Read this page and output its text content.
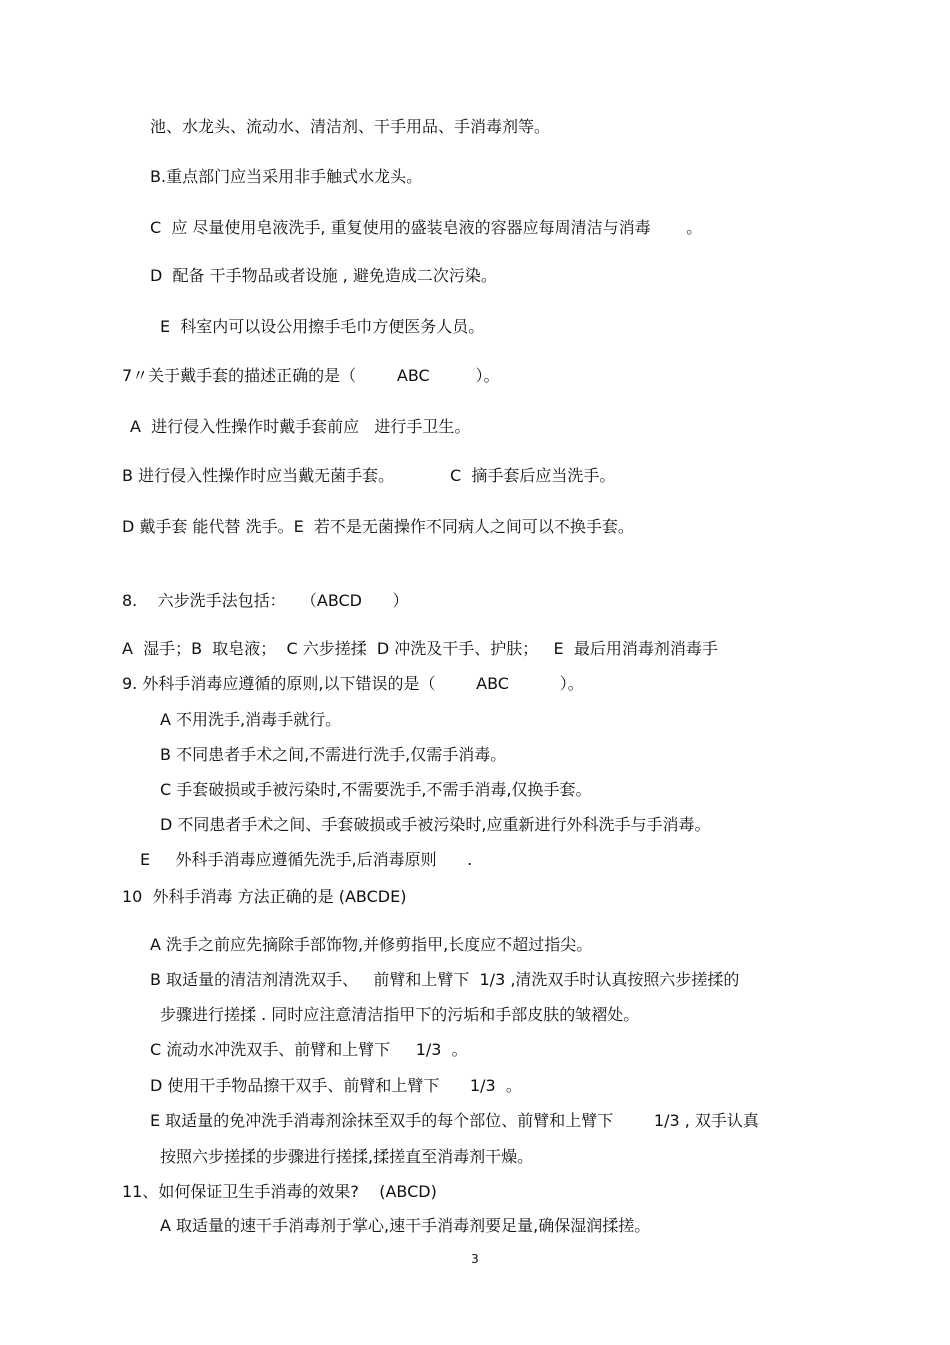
池、水龙头、流动水、清洁剂、干手用品、手消毒剂等。

B.重点部门应当采用非手触式水龙头。

C  应 尽量使用皂液洗手, 重复使用的盛装皂液的容器应每周清洁与消毒       。

D  配备 干手物品或者设施 , 避免造成二次污染。

E  科室内可以设公用擦手毛巾方便医务人员。

7〃关于戴手套的描述正确的是（        ABC         ）。

A  进行侵入性操作时戴手套前应   进行手卫生。

B 进行侵入性操作时应当戴无菌手套。           C  摘手套后应当洗手。

D 戴手套 能代替 洗手。E  若不是无菌操作不同病人之间可以不换手套。

8.    六步洗手法包括：   （ABCD      ）

A  湿手；B  取皂液；  C 六步搓揉  D 冲洗及干手、护肤；   E  最后用消毒剂消毒手

9. 外科手消毒应遵循的原则,以下错误的是（        ABC          ）。

A 不用洗手,消毒手就行。

B 不同患者手术之间,不需进行洗手,仅需手消毒。

C 手套破损或手被污染时,不需要洗手,不需手消毒,仅换手套。

D 不同患者手术之间、手套破损或手被污染时,应重新进行外科洗手与手消毒。

E     外科手消毒应遵循先洗手,后消毒原则      .

10  外科手消毒 方法正确的是 (ABCDE)

A 洗手之前应先摘除手部饰物,并修剪指甲,长度应不超过指尖。

B 取适量的清洁剂清洗双手、   前臂和上臂下  1/3 ,清洗双手时认真按照六步搓揉的

步骤进行搓揉 . 同时应注意清洁指甲下的污垢和手部皮肤的皱褶处。

C 流动水冲洗双手、前臂和上臂下     1/3  。

D 使用干手物品擦干双手、前臂和上臂下      1/3  。

E 取适量的免冲洗手消毒剂涂抹至双手的每个部位、前臂和上臂下        1/3 , 双手认真

按照六步搓揉的步骤进行搓揉,揉搓直至消毒剂干燥。

11、如何保证卫生手消毒的效果?    (ABCD)

A 取适量的速干手消毒剂于掌心,速干手消毒剂要足量,确保湿润揉搓。

3
